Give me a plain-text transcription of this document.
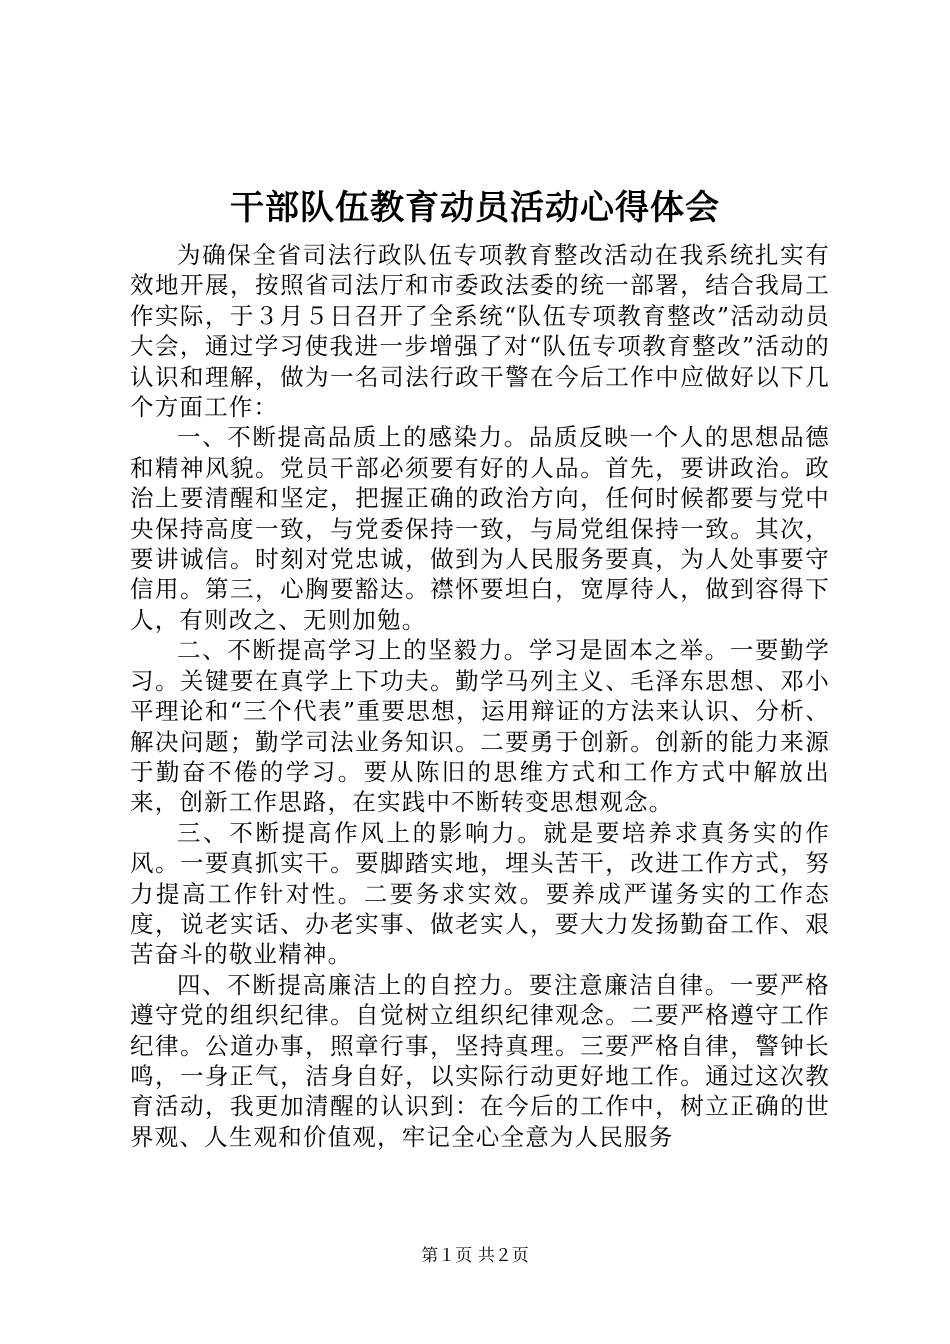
干部队伍教育动员活动心得体会

为确保全省司法行政队伍专项教育整改活动在我系统扎实有效地开展，按照省司法厅和市委政法委的统一部署，结合我局工作实际，于３月５日召开了全系统“队伍专项教育整改”活动动员大会，通过学习使我进一步增强了对“队伍专项教育整改”活动的认识和理解，做为一名司法行政干警在今后工作中应做好以下几个方面工作：

一、不断提高品质上的感染力。品质反映一个人的思想品德和精神风貌。党员干部必须要有好的人品。首先，要讲政治。政治上要清醒和坚定，把握正确的政治方向，任何时候都要与党中央保持高度一致，与党委保持一致，与局党组保持一致。其次，要讲诚信。时刻对党忠诚，做到为人民服务要真，为人处事要守信用。第三，心胸要豁达。襟怀要坦白，宽厚待人，做到容得下人，有则改之、无则加勉。

二、不断提高学习上的坚毅力。学习是固本之举。一要勤学习。关键要在真学上下功夫。勤学马列主义、毛泽东思想、邓小平理论和“三个代表”重要思想，运用辩证的方法来认识、分析、解决问题；勤学司法业务知识。二要勇于创新。创新的能力来源于勤奋不倦的学习。要从陈旧的思维方式和工作方式中解放出来，创新工作思路，在实践中不断转变思想观念。

三、不断提高作风上的影响力。就是要培养求真务实的作风。一要真抓实干。要脚踏实地，埋头苦干，改进工作方式，努力提高工作针对性。二要务求实效。要养成严谨务实的工作态度，说老实话、办老实事、做老实人，要大力发扬勤奋工作、艰苦奋斗的敬业精神。

四、不断提高廉洁上的自控力。要注意廉洁自律。一要严格遵守党的组织纪律。自觉树立组织纪律观念。二要严格遵守工作纪律。公道办事，照章行事，坚持真理。三要严格自律，警钟长鸣，一身正气，洁身自好，以实际行动更好地工作。通过这次教育活动，我更加清醒的认识到：在今后的工作中，树立正确的世界观、人生观和价值观，牢记全心全意为人民服务

第１页 共２页
